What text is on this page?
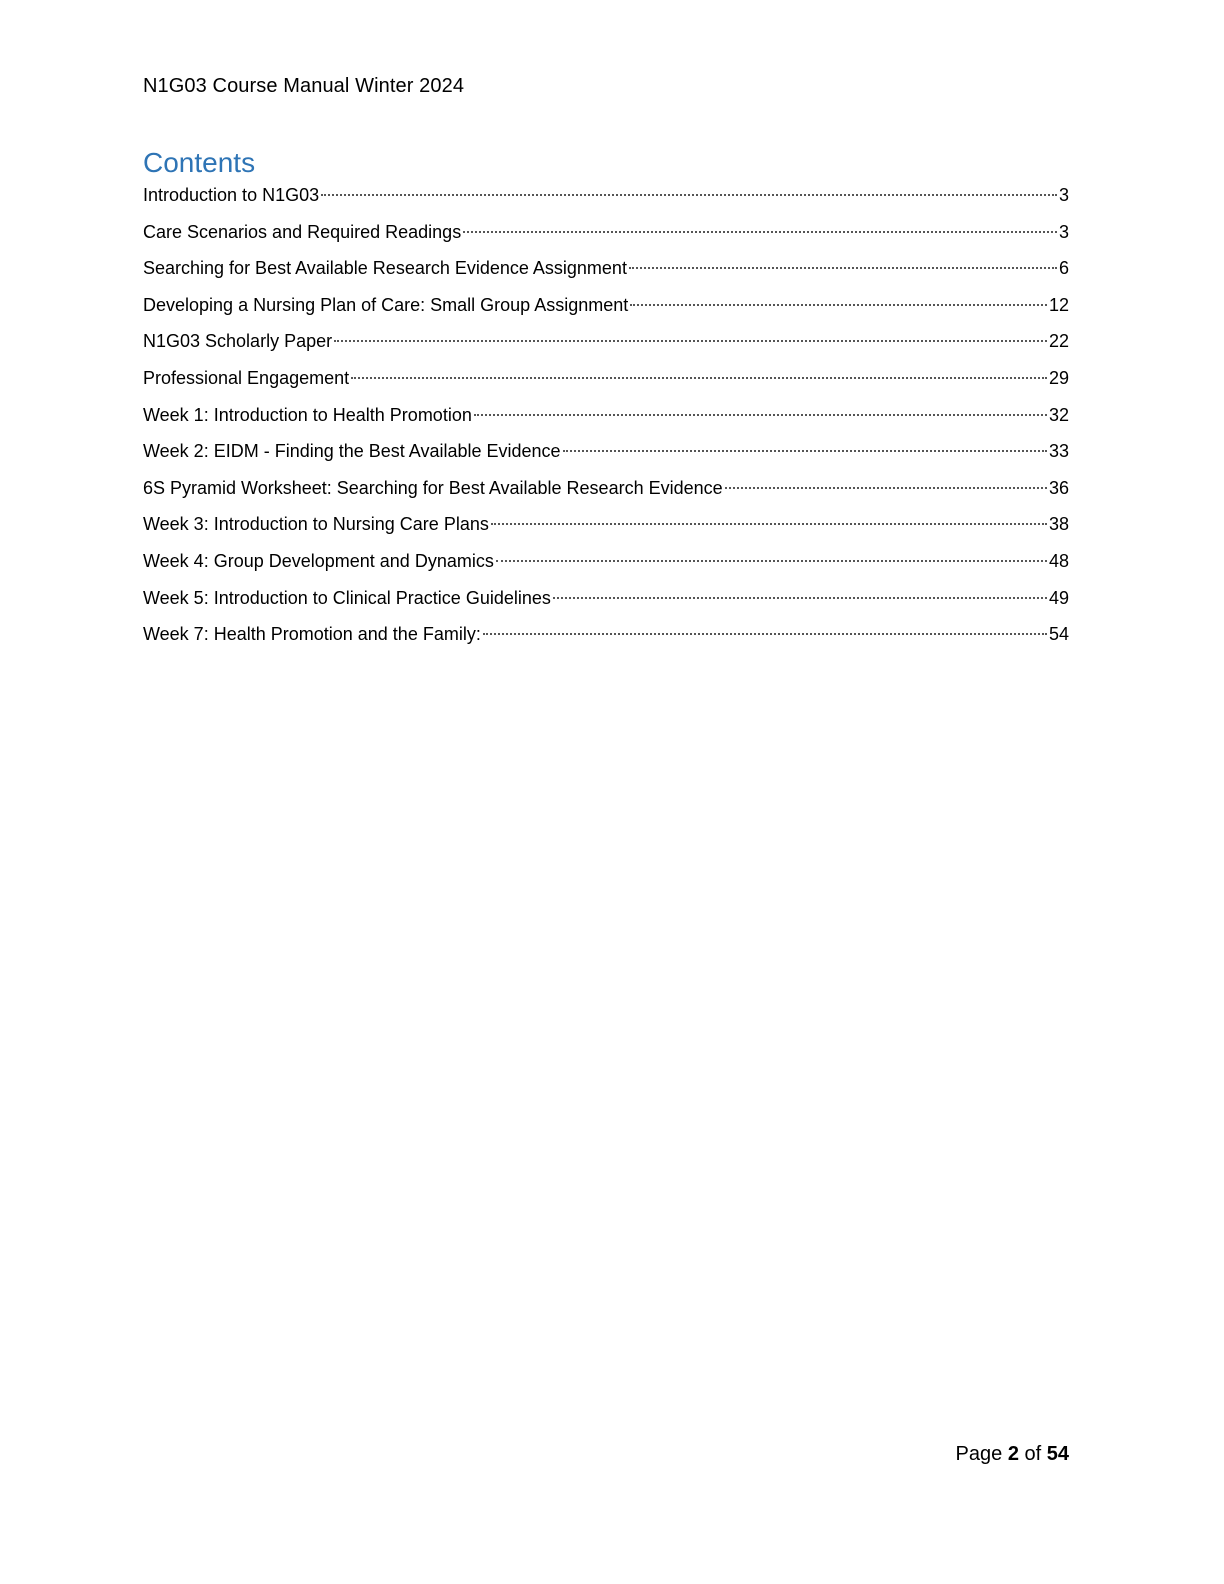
N1G03 Course Manual Winter 2024
Contents
Introduction to N1G03	3
Care Scenarios and Required Readings	3
Searching for Best Available Research Evidence Assignment	6
Developing a Nursing Plan of Care: Small Group Assignment	12
N1G03 Scholarly Paper	22
Professional Engagement	29
Week 1: Introduction to Health Promotion	32
Week 2: EIDM - Finding the Best Available Evidence	33
6S Pyramid Worksheet: Searching for Best Available Research Evidence	36
Week 3: Introduction to Nursing Care Plans	38
Week 4: Group Development and Dynamics	48
Week 5: Introduction to Clinical Practice Guidelines	49
Week 7: Health Promotion and the Family:	54
Page 2 of 54
